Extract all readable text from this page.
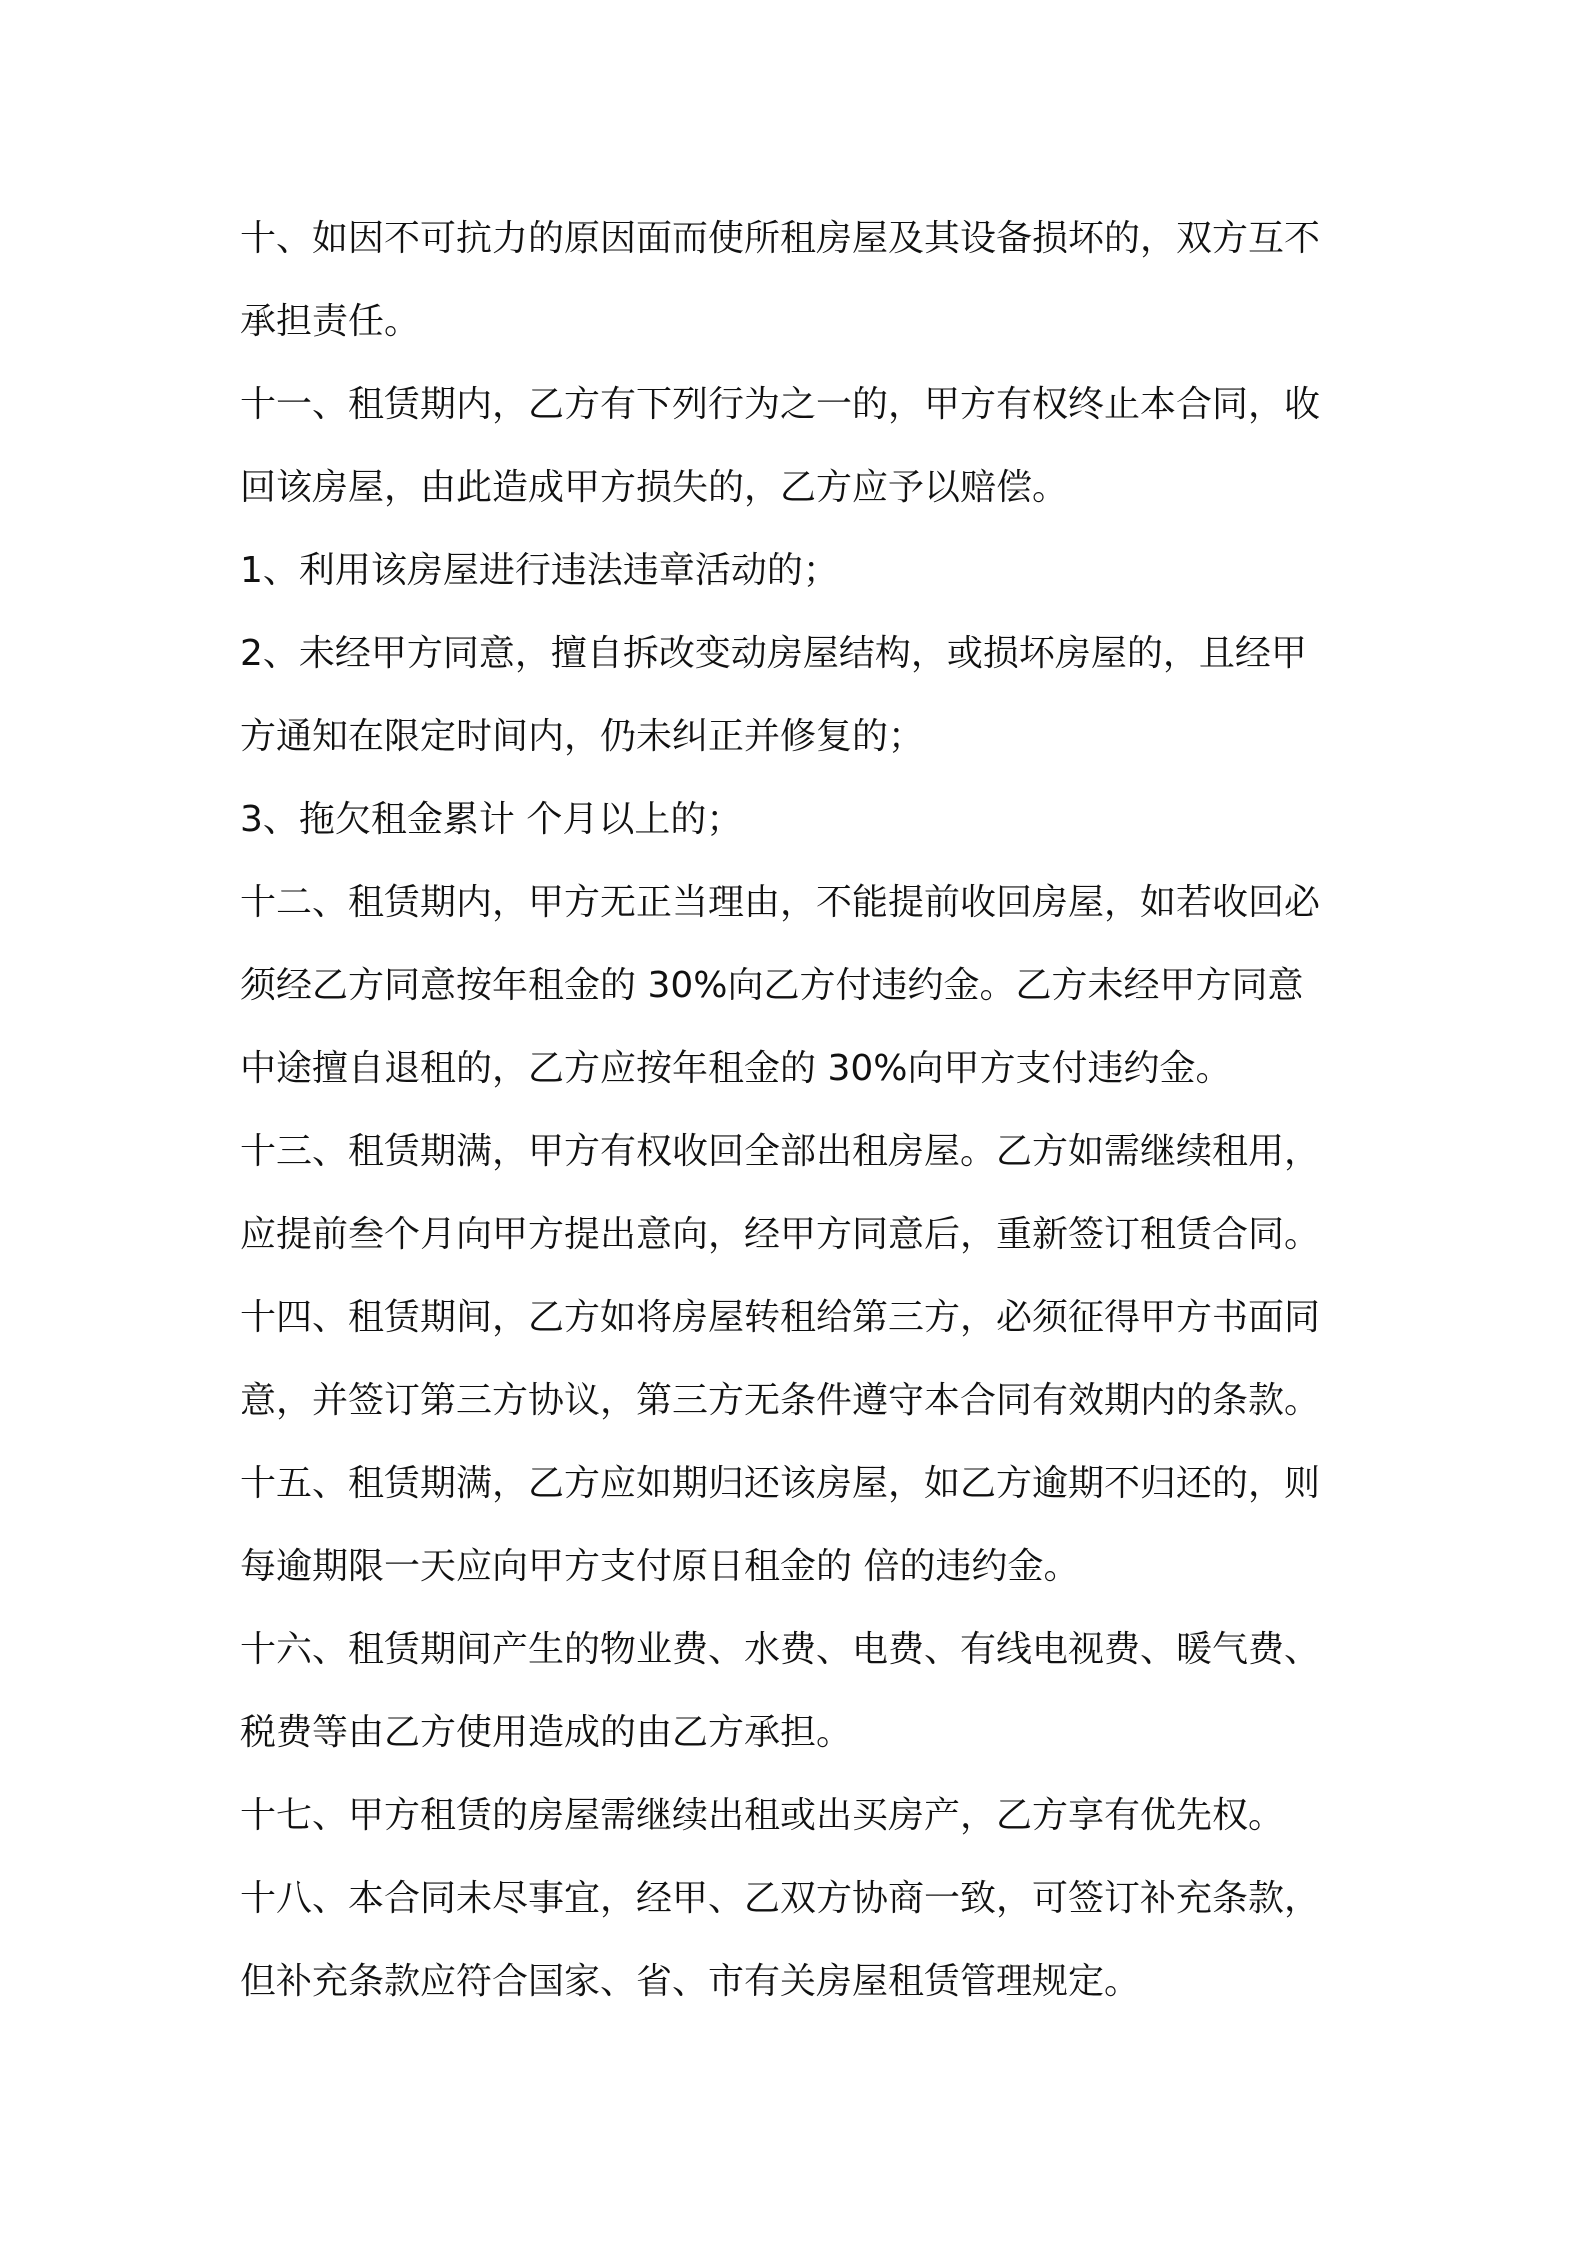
十、如因不可抗力的原因面而使所租房屋及其设备损坏的，双方互不
承担责任。

十一、租赁期内，乙方有下列行为之一的，甲方有权终止本合同，收
回该房屋，由此造成甲方损失的，乙方应予以赔偿。

1、利用该房屋进行违法违章活动的；

2、未经甲方同意，擅自拆改变动房屋结构，或损坏房屋的，且经甲
方通知在限定时间内，仍未纠正并修复的；

3、拖欠租金累计 个月以上的；

十二、租赁期内，甲方无正当理由，不能提前收回房屋，如若收回必
须经乙方同意按年租金的 30%向乙方付违约金。乙方未经甲方同意
中途擅自退租的，乙方应按年租金的 30%向甲方支付违约金。

十三、租赁期满，甲方有权收回全部出租房屋。乙方如需继续租用，
应提前叁个月向甲方提出意向，经甲方同意后，重新签订租赁合同。

十四、租赁期间，乙方如将房屋转租给第三方，必须征得甲方书面同
意，并签订第三方协议，第三方无条件遵守本合同有效期内的条款。

十五、租赁期满，乙方应如期归还该房屋，如乙方逾期不归还的，则
每逾期限一天应向甲方支付原日租金的 倍的违约金。

十六、租赁期间产生的物业费、水费、电费、有线电视费、暖气费、
税费等由乙方使用造成的由乙方承担。

十七、甲方租赁的房屋需继续出租或出买房产，乙方享有优先权。

十八、本合同未尽事宜，经甲、乙双方协商一致，可签订补充条款，
但补充条款应符合国家、省、市有关房屋租赁管理规定。
